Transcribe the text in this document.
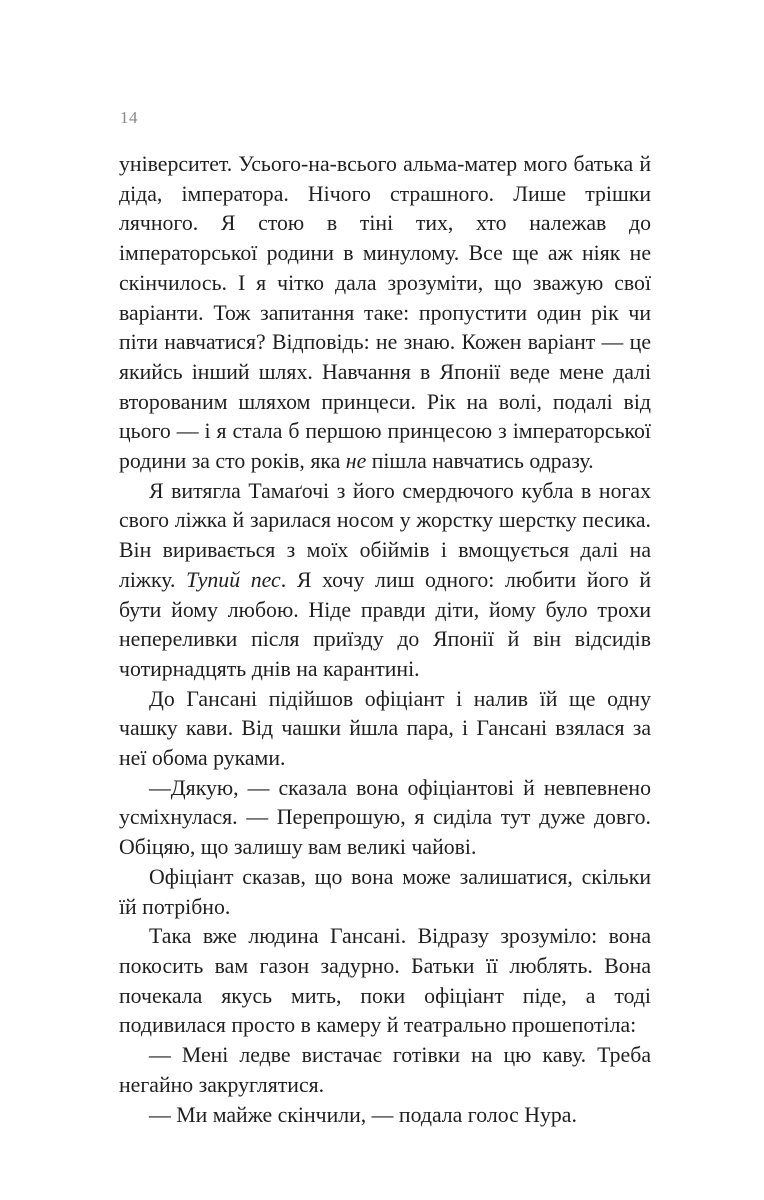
14

університет. Усього-на-всього альма-матер мого батька й діда, імператора. Нічого страшного. Лише трішки лячного. Я стою в тіні тих, хто належав до імператорської родини в минулому. Все ще аж ніяк не скінчилось. І я чітко дала зрозуміти, що зважую свої варіанти. Тож запитання таке: пропустити один рік чи піти навчатися? Відповідь: не знаю. Кожен варіант — це якийсь інший шлях. Навчання в Японії веде мене далі второваним шляхом принцеси. Рік на волі, подалі від цього — і я стала б першою принцесою з імператорської родини за сто років, яка не пішла навчатись одразу.

Я витягла Тамаґочі з його смердючого кубла в ногах свого ліжка й зарилася носом у жорстку шерстку песика. Він виривається з моїх обіймів і вмощується далі на ліжку. Тупий пес. Я хочу лиш одного: любити його й бути йому любою. Ніде правди діти, йому було трохи непереливки після приїзду до Японії й він відсидів чотирнадцять днів на карантині.

До Гансані підійшов офіціант і налив їй ще одну чашку кави. Від чашки йшла пара, і Гансані взялася за неї обома руками.

—Дякую, — сказала вона офіціантові й невпевнено усміхнулася. — Перепрошую, я сиділа тут дуже довго. Обіцяю, що залишу вам великі чайові.

Офіціант сказав, що вона може залишатися, скільки їй потрібно.

Така вже людина Гансані. Відразу зрозуміло: вона покосить вам газон задурно. Батьки її люблять. Вона почекала якусь мить, поки офіціант піде, а тоді подивилася просто в камеру й театрально прошепотіла:

— Мені ледве вистачає готівки на цю каву. Треба негайно закруглятися.

— Ми майже скінчили, — подала голос Нура.
